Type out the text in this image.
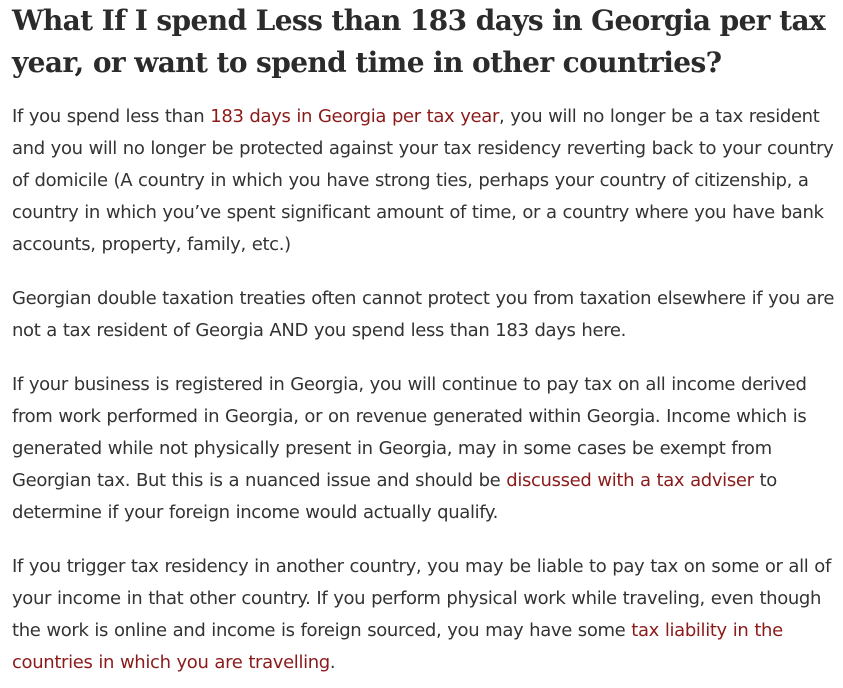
What If I spend Less than 183 days in Georgia per tax year, or want to spend time in other countries?

If you spend less than 183 days in Georgia per tax year, you will no longer be a tax resident and you will no longer be protected against your tax residency reverting back to your country of domicile (A country in which you have strong ties, perhaps your country of citizenship, a country in which you’ve spent significant amount of time, or a country where you have bank accounts, property, family, etc.)

Georgian double taxation treaties often cannot protect you from taxation elsewhere if you are not a tax resident of Georgia AND you spend less than 183 days here.

If your business is registered in Georgia, you will continue to pay tax on all income derived from work performed in Georgia, or on revenue generated within Georgia. Income which is generated while not physically present in Georgia, may in some cases be exempt from Georgian tax. But this is a nuanced issue and should be discussed with a tax adviser to determine if your foreign income would actually qualify.

If you trigger tax residency in another country, you may be liable to pay tax on some or all of your income in that other country. If you perform physical work while traveling, even though the work is online and income is foreign sourced, you may have some tax liability in the countries in which you are travelling.
